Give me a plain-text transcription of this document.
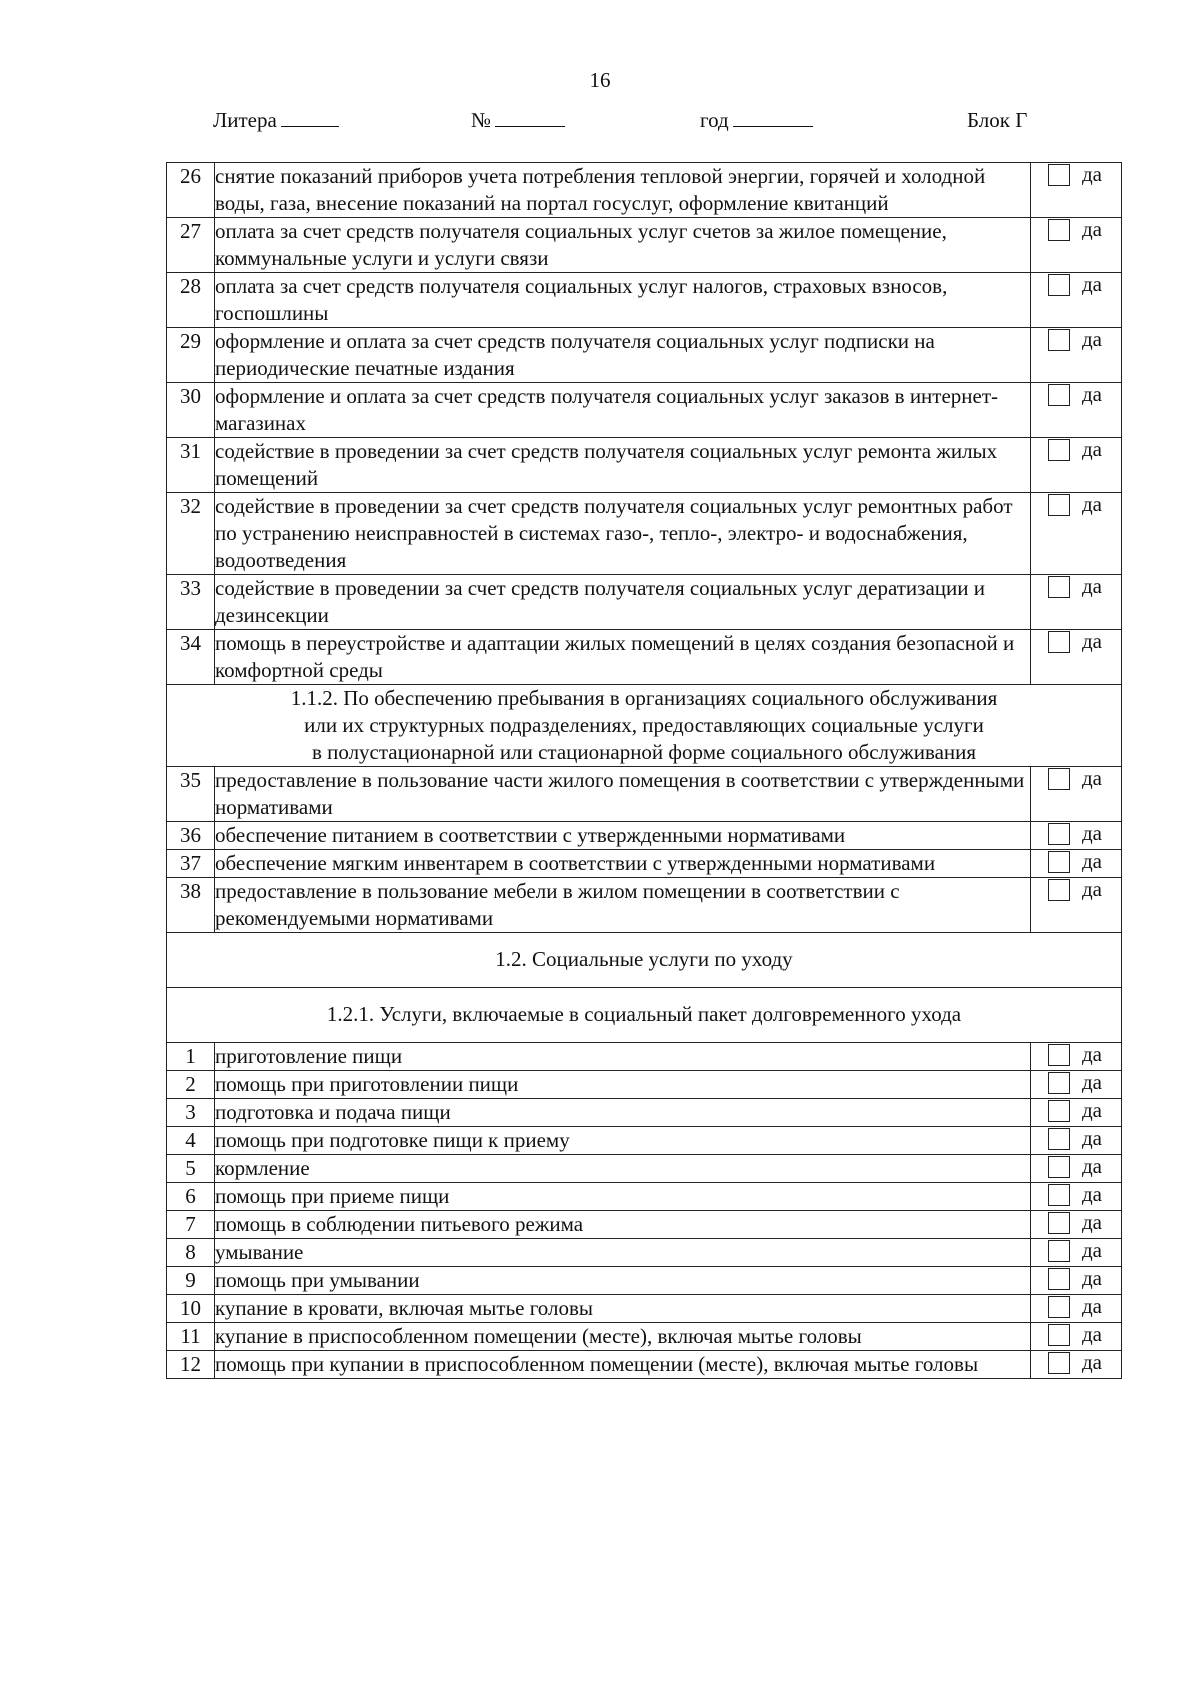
16
Литера	№	год	Блок Г
26	снятие показаний приборов учета потребления тепловой энергии, горячей и холодной воды, газа, внесение показаний на портал госуслуг, оформление квитанций	да

27	оплата за счет средств получателя социальных услуг счетов за жилое помещение, коммунальные услуги и услуги связи	да

28	оплата за счет средств получателя социальных услуг налогов, страховых взносов, госпошлины	да

29	оформление и оплата за счет средств получателя социальных услуг подписки на периодические печатные издания	да

30	оформление и оплата за счет средств получателя социальных услуг заказов в интернет-магазинах	да

31	содействие в проведении за счет средств получателя социальных услуг ремонта жилых помещений	да

32	содействие в проведении за счет средств получателя социальных услуг ремонтных работ по устранению неисправностей в системах газо-, тепло-, электро- и водоснабжения, водоотведения	да

33	содействие в проведении за счет средств получателя социальных услуг дератизации и дезинсекции	да

34	помощь в переустройстве и адаптации жилых помещений в целях создания безопасной и комфортной среды	да

1.1.2. По обеспечению пребывания в организациях социального обслуживания
или их структурных подразделениях, предоставляющих социальные услуги
в полустационарной или стационарной форме социального обслуживания		

35	предоставление в пользование части жилого помещения в соответствии с утвержденными нормативами	да

36	обеспечение питанием в соответствии с утвержденными нормативами	да

37	обеспечение мягким инвентарем в соответствии с утвержденными нормативами	да

38	предоставление в пользование мебели в жилом помещении в соответствии с рекомендуемыми нормативами	да

1.2. Социальные услуги по уходу		
1.2.1. Услуги, включаемые в социальный пакет долговременного ухода		
1	приготовление пищи	да

2	помощь при приготовлении пищи	да

3	подготовка и подача пищи	да

4	помощь при подготовке пищи к приему	да

5	кормление	да

6	помощь при приеме пищи	да

7	помощь в соблюдении питьевого режима	да

8	умывание	да

9	помощь при умывании	да

10	купание в кровати, включая мытье головы	да

11	купание в приспособленном помещении (месте), включая мытье головы	да

12	помощь при купании в приспособленном помещении (месте), включая мытье головы	да
